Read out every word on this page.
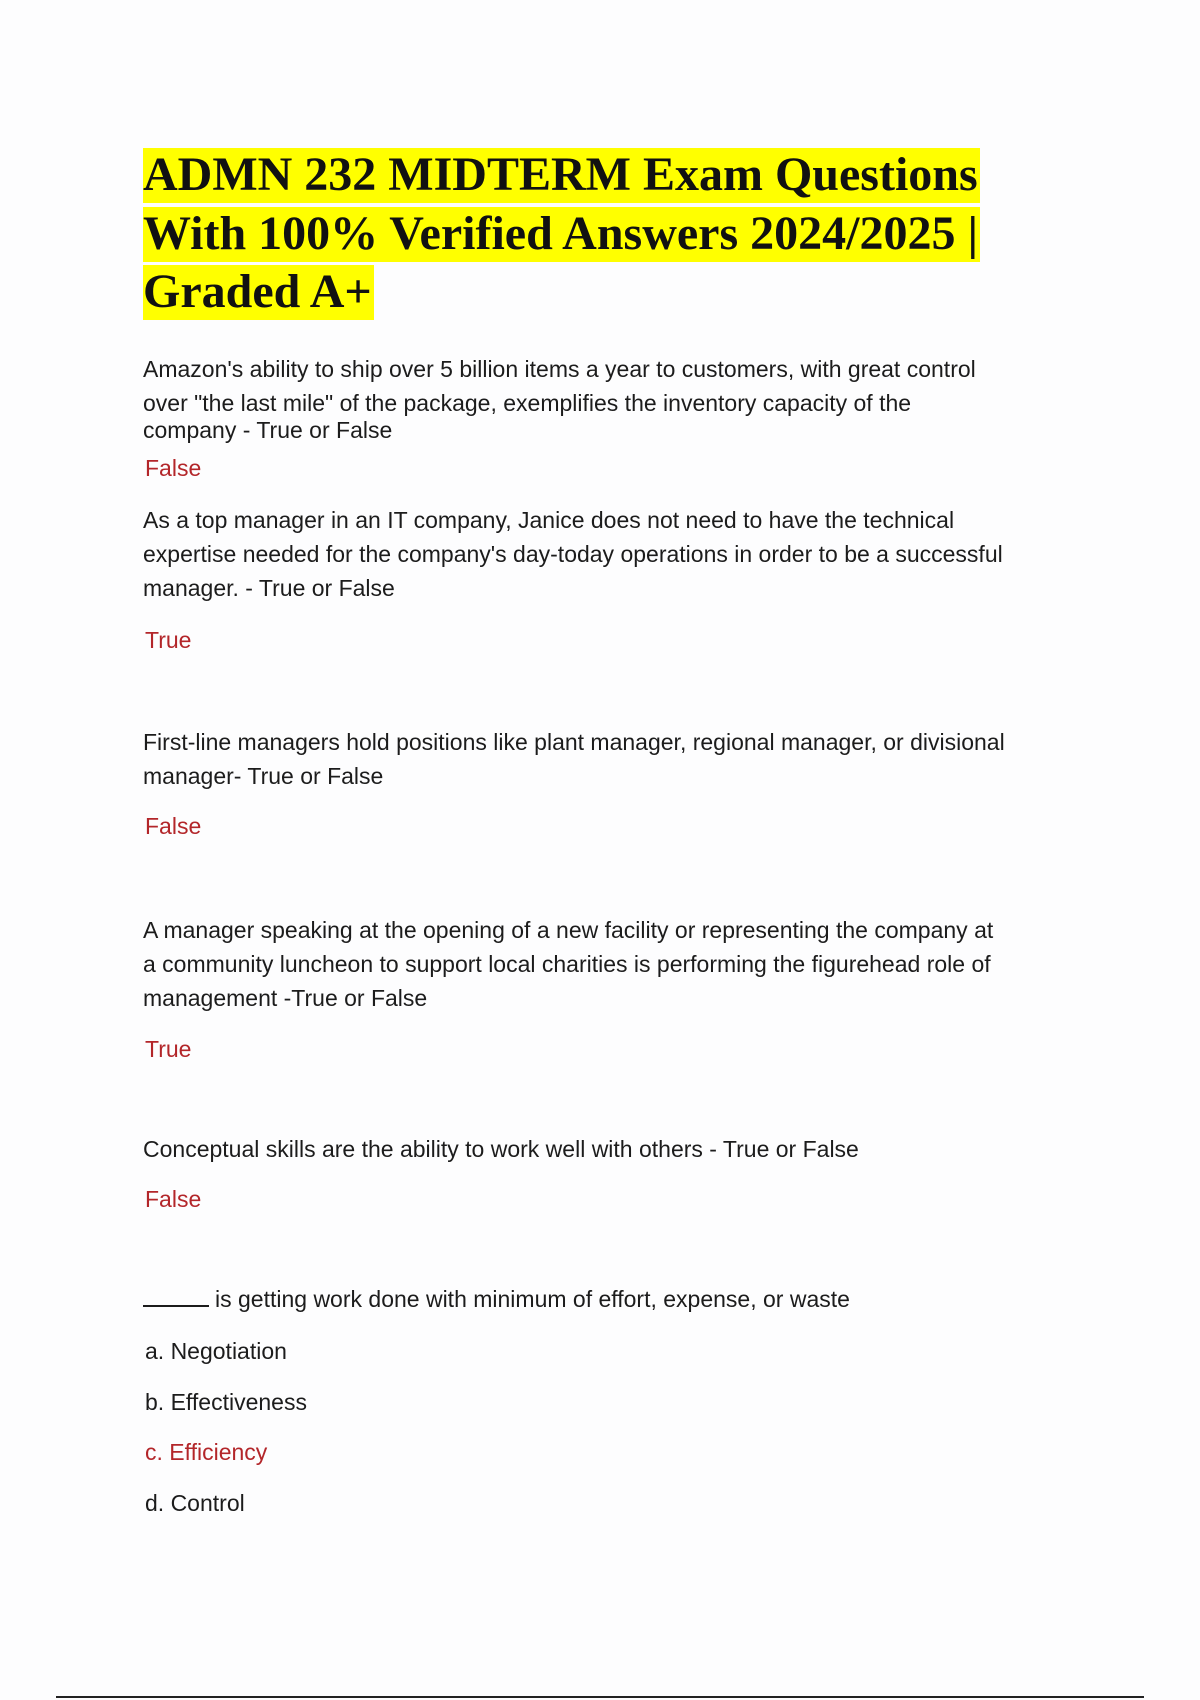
ADMN 232 MIDTERM Exam Questions
With 100% Verified Answers 2024/2025 |
Graded A+
Amazon's ability to ship over 5 billion items a year to customers, with great control
over "the last mile" of the package, exemplifies the inventory capacity of the
company - True or False
False
As a top manager in an IT company, Janice does not need to have the technical
expertise needed for the company's day-today operations in order to be a successful
manager. - True or False
True
First-line managers hold positions like plant manager, regional manager, or divisional
manager- True or False
False
A manager speaking at the opening of a new facility or representing the company at
a community luncheon to support local charities is performing the figurehead role of
management -True or False
True
Conceptual skills are the ability to work well with others - True or False
False
is getting work done with minimum of effort, expense, or waste
a. Negotiation
b. Effectiveness
c. Efficiency
d. Control
